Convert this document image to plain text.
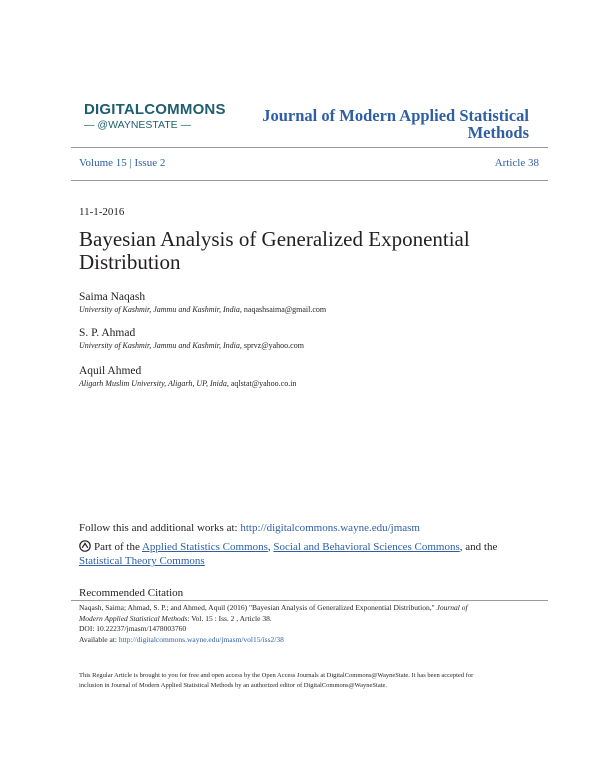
DIGITALCOMMONS
— @WAYNESTATE —	Journal of Modern Applied Statistical
Methods
Volume 15 | Issue 2	Article 38
11-1-2016
Bayesian Analysis of Generalized Exponential Distribution
Saima Naqash
University of Kashmir, Jammu and Kashmir, India, naqashsaima@gmail.com
S. P. Ahmad
University of Kashmir, Jammu and Kashmir, India, sprvz@yahoo.com
Aquil Ahmed
Aligarh Muslim University, Aligarh, UP, Inida, aqlstat@yahoo.co.in
Follow this and additional works at: http://digitalcommons.wayne.edu/jmasm
Part of the Applied Statistics Commons, Social and Behavioral Sciences Commons, and the Statistical Theory Commons
Recommended Citation
Naqash, Saima; Ahmad, S. P.; and Ahmed, Aquil (2016) "Bayesian Analysis of Generalized Exponential Distribution," Journal of
Modern Applied Statistical Methods: Vol. 15 : Iss. 2 , Article 38.
DOI: 10.22237/jmasm/1478003760
Available at: http://digitalcommons.wayne.edu/jmasm/vol15/iss2/38
This Regular Article is brought to you for free and open access by the Open Access Journals at DigitalCommons@WayneState. It has been accepted for
inclusion in Journal of Modern Applied Statistical Methods by an authorized editor of DigitalCommons@WayneState.
